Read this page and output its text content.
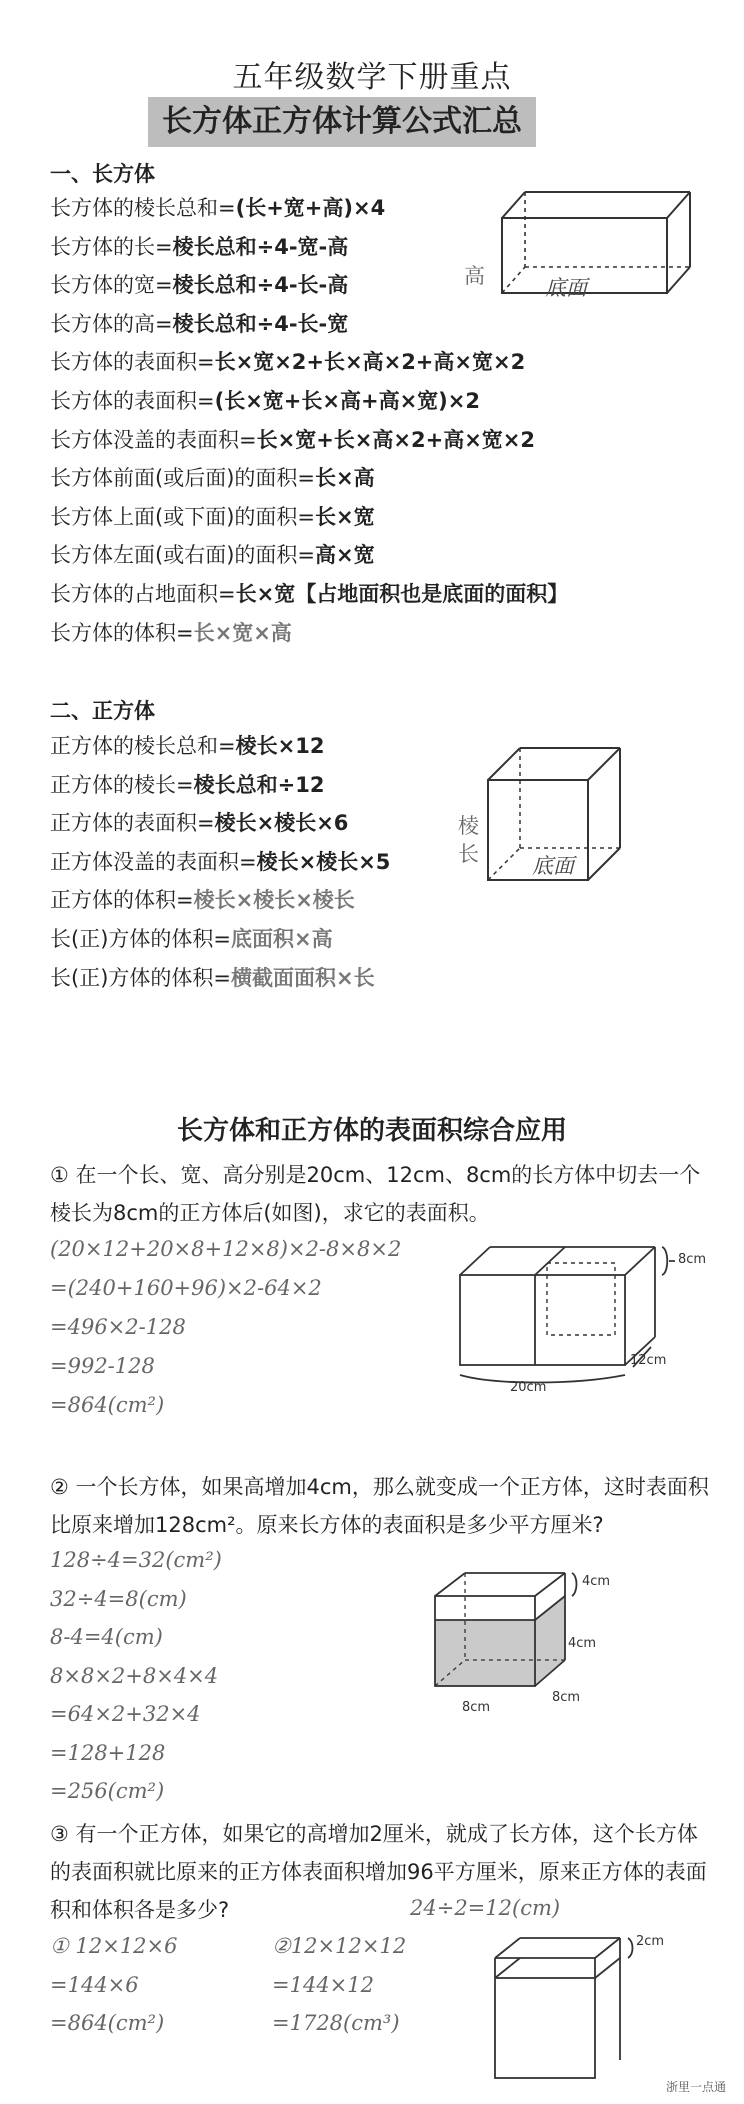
五年级数学下册重点
长方体正方体计算公式汇总
一、长方体
长方体的棱长总和=(长+宽+高)×4
长方体的长=棱长总和÷4-宽-高
长方体的宽=棱长总和÷4-长-高
长方体的高=棱长总和÷4-长-宽
长方体的表面积=长×宽×2+长×高×2+高×宽×2
长方体的表面积=(长×宽+长×高+高×宽)×2
长方体没盖的表面积=长×宽+长×高×2+高×宽×2
长方体前面(或后面)的面积=长×高
长方体上面(或下面)的面积=长×宽
长方体左面(或右面)的面积=高×宽
长方体的占地面积=长×宽【占地面积也是底面的面积】
长方体的体积=长×宽×高
高	底面
二、正方体
正方体的棱长总和=棱长×12
正方体的棱长=棱长总和÷12
正方体的表面积=棱长×棱长×6
正方体没盖的表面积=棱长×棱长×5
正方体的体积=棱长×棱长×棱长
长(正)方体的体积=底面积×高
长(正)方体的体积=横截面面积×长
棱长	底面
长方体和正方体的表面积综合应用
① 在一个长、宽、高分别是20cm、12cm、8cm的长方体中切去一个棱长为8cm的正方体后(如图)，求它的表面积。
(20×12+20×8+12×8)×2-8×8×2
=(240+160+96)×2-64×2
=496×2-128
=992-128
=864(cm²)
8cm
12cm
20cm
② 一个长方体，如果高增加4cm，那么就变成一个正方体，这时表面积比原来增加128cm²。原来长方体的表面积是多少平方厘米?
128÷4=32(cm²)
32÷4=8(cm)
8-4=4(cm)
8×8×2+8×4×4
=64×2+32×4
=128+128
=256(cm²)
4cm
4cm
8cm
8cm
③ 有一个正方体，如果它的高增加2厘米，就成了长方体，这个长方体的表面积就比原来的正方体表面积增加96平方厘米，原来正方体的表面积和体积各是多少?	24÷2=12(cm)
① 12×12×6
=144×6
=864(cm²)
②12×12×12
=144×12
=1728(cm³)
2cm
浙里一点通
